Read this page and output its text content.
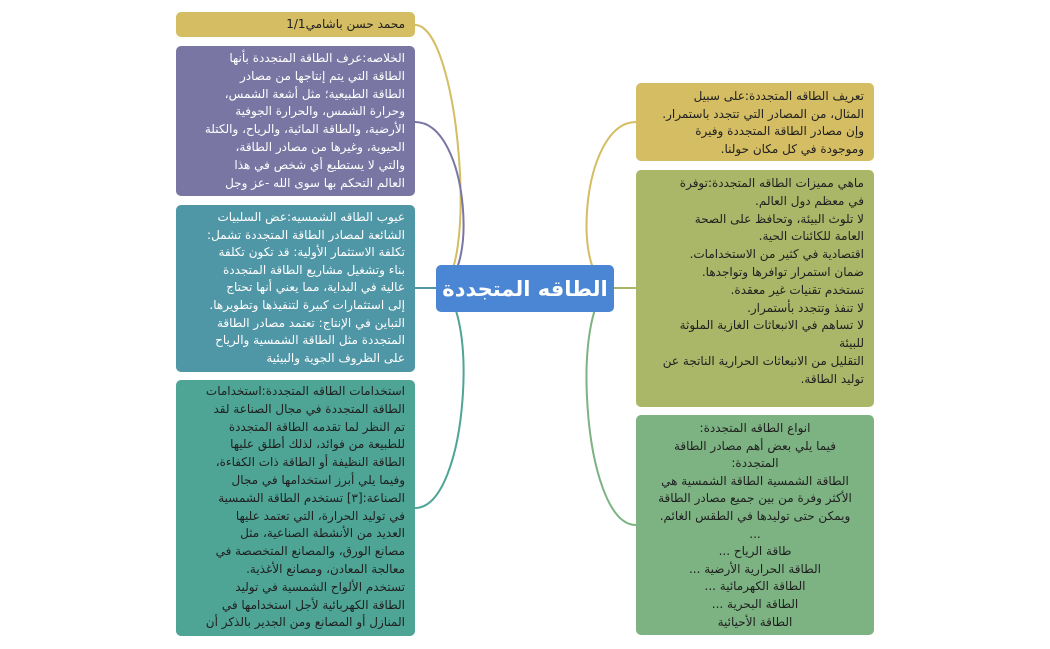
الطاقه المتجددة
محمد حسن باشامي1/1
الخلاصه:عرف الطاقة المتجددة بأنها
الطاقة التي يتم إنتاجها من مصادر
الطاقة الطبيعية؛ مثل أشعة الشمس،
وحرارة الشمس، والحرارة الجوفية
الأرضية، والطاقة المائية، والرياح، والكتلة
الحيوية، وغيرها من مصادر الطاقة،
والتي لا يستطيع أي شخص في هذا
العالم التحكم بها سوى الله -عز وجل
عيوب الطاقه الشمسيه:عض السلبيات
الشائعة لمصادر الطاقة المتجددة تشمل:
تكلفة الاستثمار الأولية: قد تكون تكلفة
بناء وتشغيل مشاريع الطاقة المتجددة
عالية في البداية، مما يعني أنها تحتاج
إلى استثمارات كبيرة لتنفيذها وتطويرها.
التباين في الإنتاج: تعتمد مصادر الطاقة
المتجددة مثل الطاقة الشمسية والرياح
على الظروف الجوية والبيئية
استخدامات الطاقه المتجددة:استخدامات
الطاقة المتجددة في مجال الصناعة لقد
تم النظر لما تقدمه الطاقة المتجددة
للطبيعة من فوائد، لذلك أطلق عليها
الطاقة النظيفة أو الطاقة ذات الكفاءة،
وفيما يلي أبرز استخدامها في مجال
الصناعة:[٣] تستخدم الطاقة الشمسية
في توليد الحرارة، التي تعتمد عليها
العديد من الأنشطة الصناعية، مثل
مصانع الورق، والمصانع المتخصصة في
معالجة المعادن، ومصانع الأغذية.
تستخدم الألواح الشمسية في توليد
الطاقة الكهربائية لأجل استخدامها في
المنازل أو المصانع ومن الجدير بالذكر أن
تعريف الطاقه المتجددة:على سبيل
المثال، من المصادر التي تتجدد باستمرار.
وإن مصادر الطاقة المتجددة وفيرة
وموجودة في كل مكان حولنا.
ماهي مميزات الطاقه المتجددة:توفرة
في معظم دول العالم.
لا تلوث البيئة، وتحافظ على الصحة
العامة للكائنات الحية.
اقتصادية في كثير من الاستخدامات.
ضمان استمرار توافرها وتواجدها.
تستخدم تقنيات غير معقدة.
لا تنفذ وتتجدد بأستمرار.
لا تساهم في الانبعاثات الغازية الملوثة
للبيئة
التقليل من الانبعاثات الحرارية الناتجة عن
توليد الطاقة.
انواع الطاقه المتجددة:
فيما يلي بعض أهم مصادر الطاقة
المتجددة:
الطاقة الشمسية الطاقة الشمسية هي
الأكثر وفرة من بين جميع مصادر الطاقة
ويمكن حتى توليدها في الطقس الغائم.
...
طاقة الرياح ...
الطاقة الحرارية الأرضية ...
الطاقة الكهرمائية ...
الطاقة البحرية ...
الطاقة الأحيائية
